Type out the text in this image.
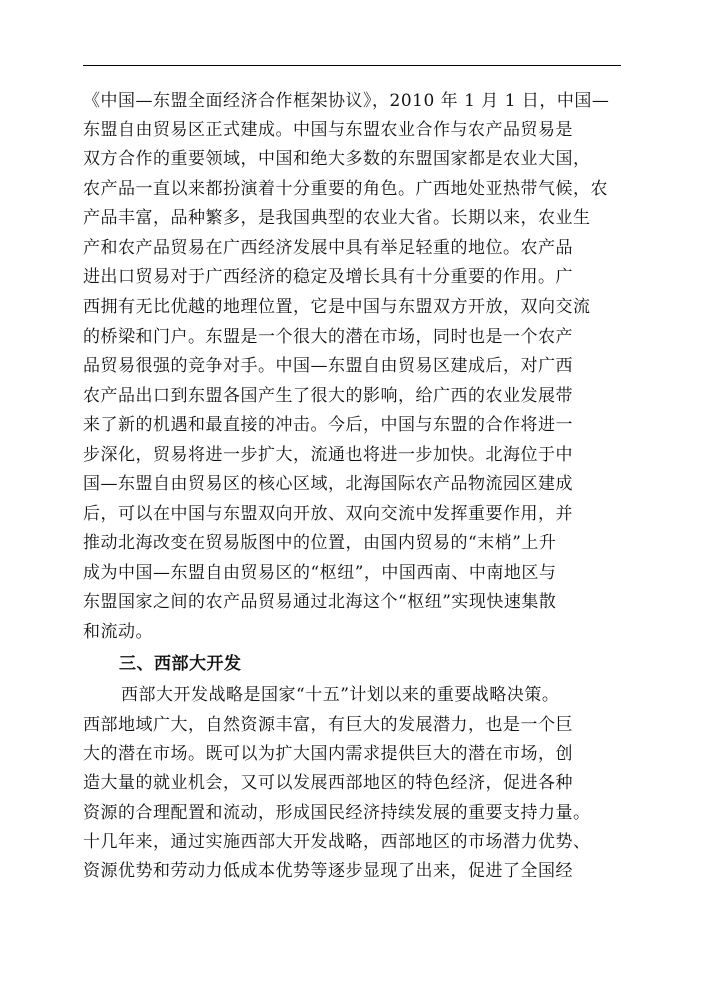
《中国—东盟全面经济合作框架协议》，2010 年 1 月 1 日，中国—
东盟自由贸易区正式建成。中国与东盟农业合作与农产品贸易是
双方合作的重要领域，中国和绝大多数的东盟国家都是农业大国，
农产品一直以来都扮演着十分重要的角色。广西地处亚热带气候，农
产品丰富，品种繁多，是我国典型的农业大省。长期以来，农业生
产和农产品贸易在广西经济发展中具有举足轻重的地位。农产品
进出口贸易对于广西经济的稳定及增长具有十分重要的作用。广
西拥有无比优越的地理位置，它是中国与东盟双方开放，双向交流
的桥梁和门户。东盟是一个很大的潜在市场，同时也是一个农产
品贸易很强的竞争对手。中国—东盟自由贸易区建成后，对广西
农产品出口到东盟各国产生了很大的影响，给广西的农业发展带
来了新的机遇和最直接的冲击。今后，中国与东盟的合作将进一
步深化，贸易将进一步扩大，流通也将进一步加快。北海位于中
国—东盟自由贸易区的核心区域，北海国际农产品物流园区建成
后，可以在中国与东盟双向开放、双向交流中发挥重要作用，并
推动北海改变在贸易版图中的位置，由国内贸易的“末梢”上升
成为中国—东盟自由贸易区的“枢纽”，中国西南、中南地区与
东盟国家之间的农产品贸易通过北海这个“枢纽”实现快速集散
和流动。
三、西部大开发
西部大开发战略是国家“十五”计划以来的重要战略决策。
西部地域广大，自然资源丰富，有巨大的发展潜力，也是一个巨
大的潜在市场。既可以为扩大国内需求提供巨大的潜在市场，创
造大量的就业机会，又可以发展西部地区的特色经济，促进各种
资源的合理配置和流动，形成国民经济持续发展的重要支持力量。
十几年来，通过实施西部大开发战略，西部地区的市场潜力优势、
资源优势和劳动力低成本优势等逐步显现了出来，促进了全国经
